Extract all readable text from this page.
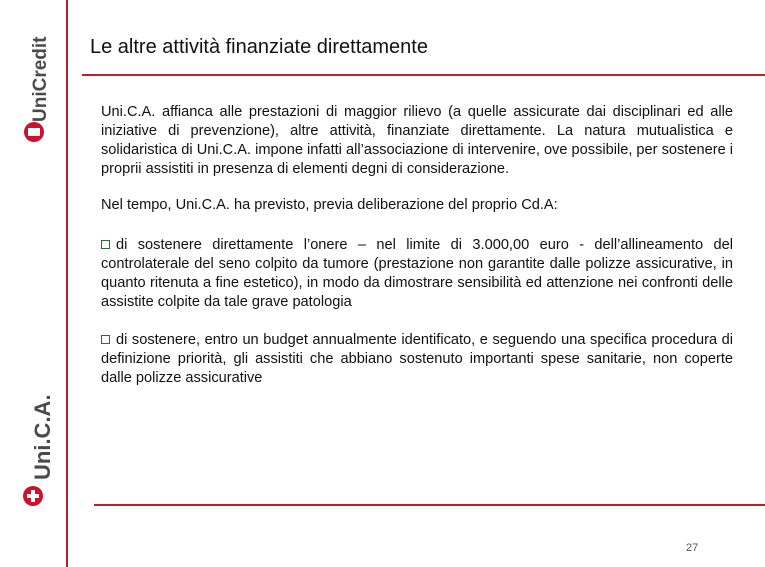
UniCredit
Uni.C.A.
Le altre attività finanziate direttamente

Uni.C.A. affianca alle prestazioni di maggior rilievo (a quelle assicurate dai disciplinari ed alle iniziative di prevenzione), altre attività, finanziate direttamente. La natura mutualistica e solidaristica di Uni.C.A. impone infatti all’associazione di intervenire, ove possibile, per sostenere i proprii assistiti in presenza di elementi degni di considerazione.

Nel tempo, Uni.C.A. ha previsto, previa deliberazione del proprio Cd.A:

di sostenere direttamente l’onere – nel limite di 3.000,00 euro - dell’allineamento del controlaterale del seno colpito da tumore (prestazione non garantite dalle polizze assicurative, in quanto ritenuta a fine estetico), in modo da dimostrare sensibilità ed attenzione nei confronti delle assistite colpite da tale grave patologia
di sostenere, entro un budget annualmente identificato, e seguendo una specifica procedura di definizione priorità, gli assistiti che abbiano sostenuto importanti spese sanitarie, non coperte dalle polizze assicurative
27
